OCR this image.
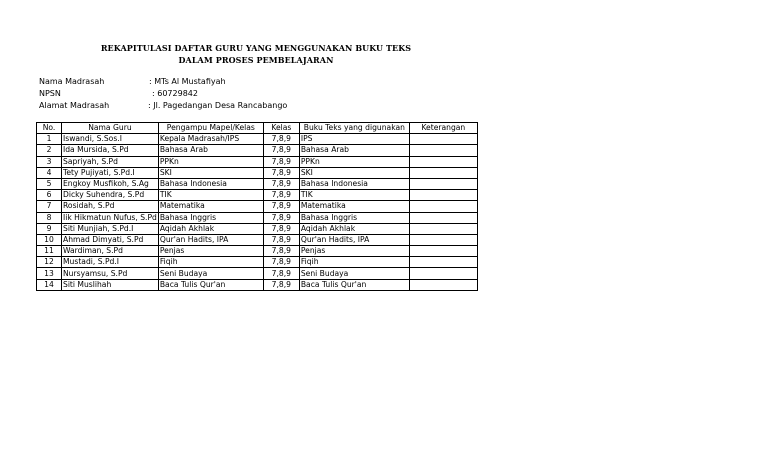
REKAPITULASI DAFTAR GURU YANG MENGGUNAKAN BUKU TEKS
DALAM PROSES PEMBELAJARAN
Nama Madrasah	: MTs Al Mustafiyah
NPSN	: 60729842
Alamat Madrasah	: Jl. Pagedangan Desa Rancabango
No.	Nama Guru	Pengampu Mapel/Kelas	Kelas	Buku Teks yang digunakan	Keterangan
1	Iswandi, S.Sos.I	Kepala Madrasah/IPS	7,8,9	IPS	
2	Ida Mursida, S.Pd	Bahasa Arab	7,8,9	Bahasa Arab	
3	Sapriyah, S.Pd	PPKn	7,8,9	PPKn	
4	Tety Pujiyati, S.Pd.I	SKI	7,8,9	SKI	
5	Engkoy Musfikoh, S.Ag	Bahasa Indonesia	7,8,9	Bahasa Indonesia	
6	Dicky Suhendra, S.Pd	TIK	7,8,9	TIK	
7	Rosidah, S.Pd	Matematika	7,8,9	Matematika	
8	Iik Hikmatun Nufus, S.Pd	Bahasa Inggris	7,8,9	Bahasa Inggris	
9	Siti Munjiah, S.Pd.I	Aqidah Akhlak	7,8,9	Aqidah Akhlak	
10	Ahmad Dimyati, S.Pd	Qur'an Hadits, IPA	7,8,9	Qur'an Hadits, IPA	
11	Wardiman, S.Pd	Penjas	7,8,9	Penjas	
12	Mustadi, S.Pd.I	Fiqih	7,8,9	Fiqih	
13	Nursyamsu, S.Pd	Seni Budaya	7,8,9	Seni Budaya	
14	Siti Muslihah	Baca Tulis Qur'an	7,8,9	Baca Tulis Qur'an	
